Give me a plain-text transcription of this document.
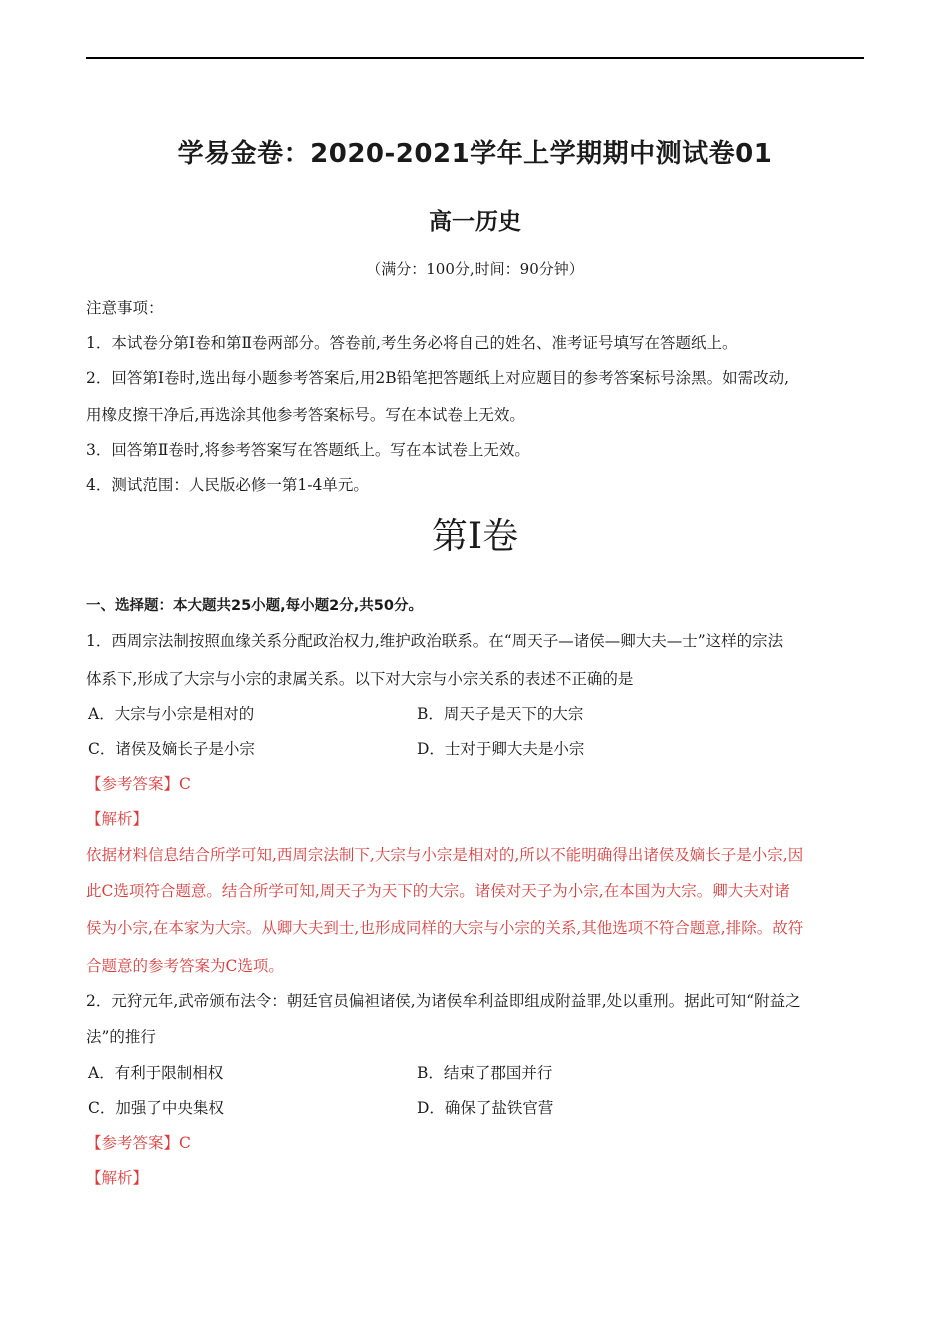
学易金卷：2020-2021学年上学期期中测试卷01
高一历史
（满分：100分,时间：90分钟）
注意事项：
1．本试卷分第Ⅰ卷和第Ⅱ卷两部分。答卷前,考生务必将自己的姓名、准考证号填写在答题纸上。
2．回答第Ⅰ卷时,选出每小题参考答案后,用2B铅笔把答题纸上对应题目的参考答案标号涂黑。如需改动,
用橡皮擦干净后,再选涂其他参考答案标号。写在本试卷上无效。
3．回答第Ⅱ卷时,将参考答案写在答题纸上。写在本试卷上无效。
4．测试范围：人民版必修一第1-4单元。
第Ⅰ卷
一、选择题：本大题共25小题,每小题2分,共50分。
1．西周宗法制按照血缘关系分配政治权力,维护政治联系。在“周天子—诸侯—卿大夫—士”这样的宗法
体系下,形成了大宗与小宗的隶属关系。以下对大宗与小宗关系的表述不正确的是
A．大宗与小宗是相对的	B．周天子是天下的大宗
C．诸侯及嫡长子是小宗	D．士对于卿大夫是小宗
【参考答案】C
【解析】
依据材料信息结合所学可知,西周宗法制下,大宗与小宗是相对的,所以不能明确得出诸侯及嫡长子是小宗,因
此C选项符合题意。结合所学可知,周天子为天下的大宗。诸侯对天子为小宗,在本国为大宗。卿大夫对诸
侯为小宗,在本家为大宗。从卿大夫到士,也形成同样的大宗与小宗的关系,其他选项不符合题意,排除。故符
合题意的参考答案为C选项。
2．元狩元年,武帝颁布法令：朝廷官员偏袒诸侯,为诸侯牟利益即组成附益罪,处以重刑。据此可知“附益之
法”的推行
A．有利于限制相权	B．结束了郡国并行
C．加强了中央集权	D．确保了盐铁官营
【参考答案】C
【解析】
